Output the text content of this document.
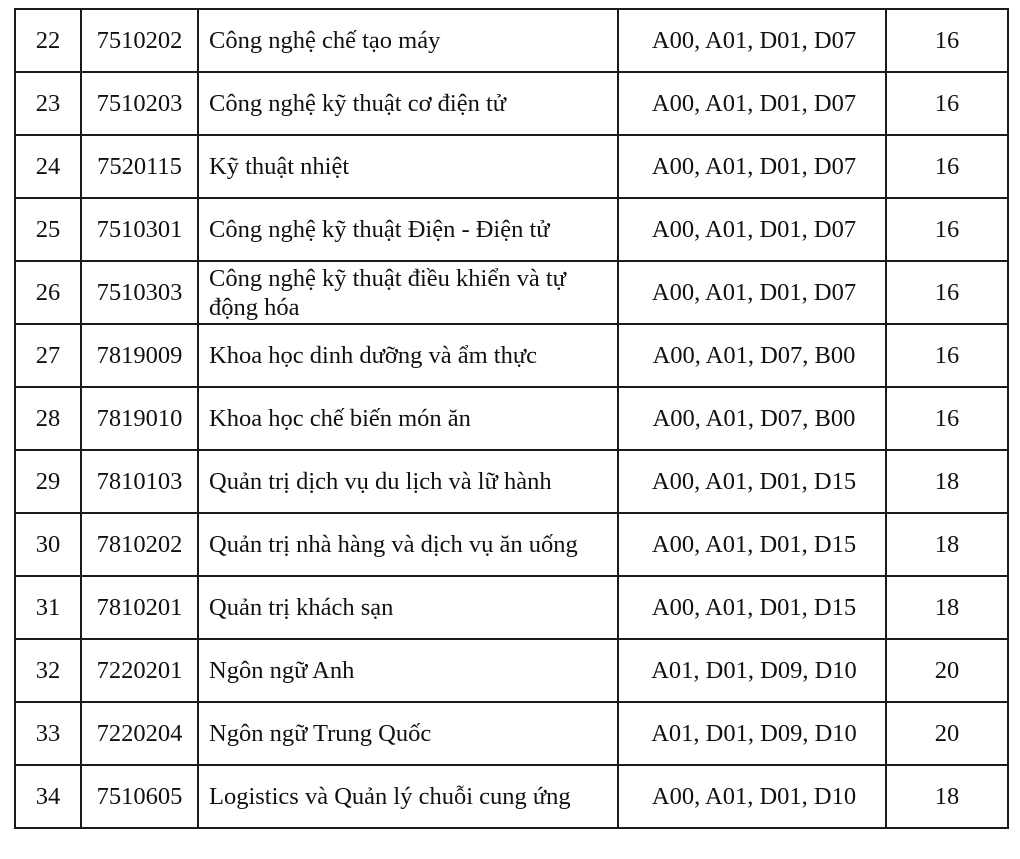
22	7510202	Công nghệ chế tạo máy	A00, A01, D01, D07	16
23	7510203	Công nghệ kỹ thuật cơ điện tử	A00, A01, D01, D07	16
24	7520115	Kỹ thuật nhiệt	A00, A01, D01, D07	16
25	7510301	Công nghệ kỹ thuật Điện - Điện tử	A00, A01, D01, D07	16
26	7510303	Công nghệ kỹ thuật điều khiển và tự động hóa	A00, A01, D01, D07	16
27	7819009	Khoa học dinh dưỡng và ẩm thực	A00, A01, D07, B00	16
28	7819010	Khoa học chế biến món ăn	A00, A01, D07, B00	16
29	7810103	Quản trị dịch vụ du lịch và lữ hành	A00, A01, D01, D15	18
30	7810202	Quản trị nhà hàng và dịch vụ ăn uống	A00, A01, D01, D15	18
31	7810201	Quản trị khách sạn	A00, A01, D01, D15	18
32	7220201	Ngôn ngữ Anh	A01, D01, D09, D10	20
33	7220204	Ngôn ngữ Trung Quốc	A01, D01, D09, D10	20
34	7510605	Logistics và Quản lý chuỗi cung ứng	A00, A01, D01, D10	18
